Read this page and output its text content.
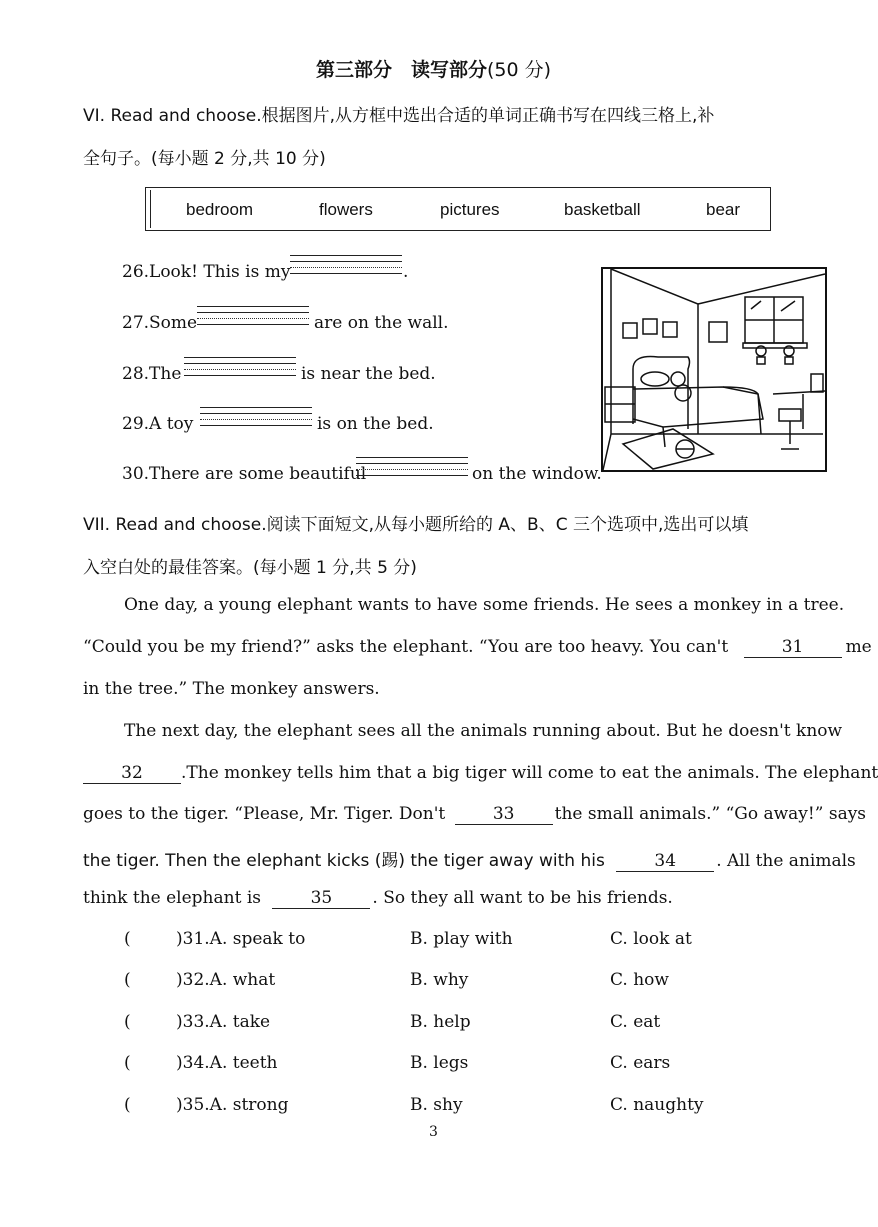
第三部分　读写部分(50 分)
VI. Read and choose.根据图片,从方框中选出合适的单词正确书写在四线三格上,补
全句子。(每小题 2 分,共 10 分)
bedroom	flowers	pictures	basketball	bear
26.Look! This is my	.
27.Some	are on the wall.
28.The	is near the bed.
29.A toy	is on the bed.
30.There are some beautiful	on the window.
VII. Read and choose.阅读下面短文,从每小题所给的 A、B、C 三个选项中,选出可以填
入空白处的最佳答案。(每小题 1 分,共 5 分)
One day, a young elephant wants to have some friends. He sees a monkey in a tree.
“Could you be my friend?” asks the elephant. “You are too heavy. You can't	31 me
in the tree.” The monkey answers.
The next day, the elephant sees all the animals running about. But he doesn't know
32 .The monkey tells him that a big tiger will come to eat the animals. The elephant
goes to the tiger. “Please, Mr. Tiger. Don't	33 the small animals.” “Go away!” says
the tiger. Then the elephant kicks (踢) the tiger away with his	34 . All the animals
think the elephant is	35 . So they all want to be his friends.
(	)31.A. speak to	B. play with	C. look at
(	)32.A. what	B. why	C. how
(	)33.A. take	B. help	C. eat
(	)34.A. teeth	B. legs	C. ears
(	)35.A. strong	B. shy	C. naughty
3
